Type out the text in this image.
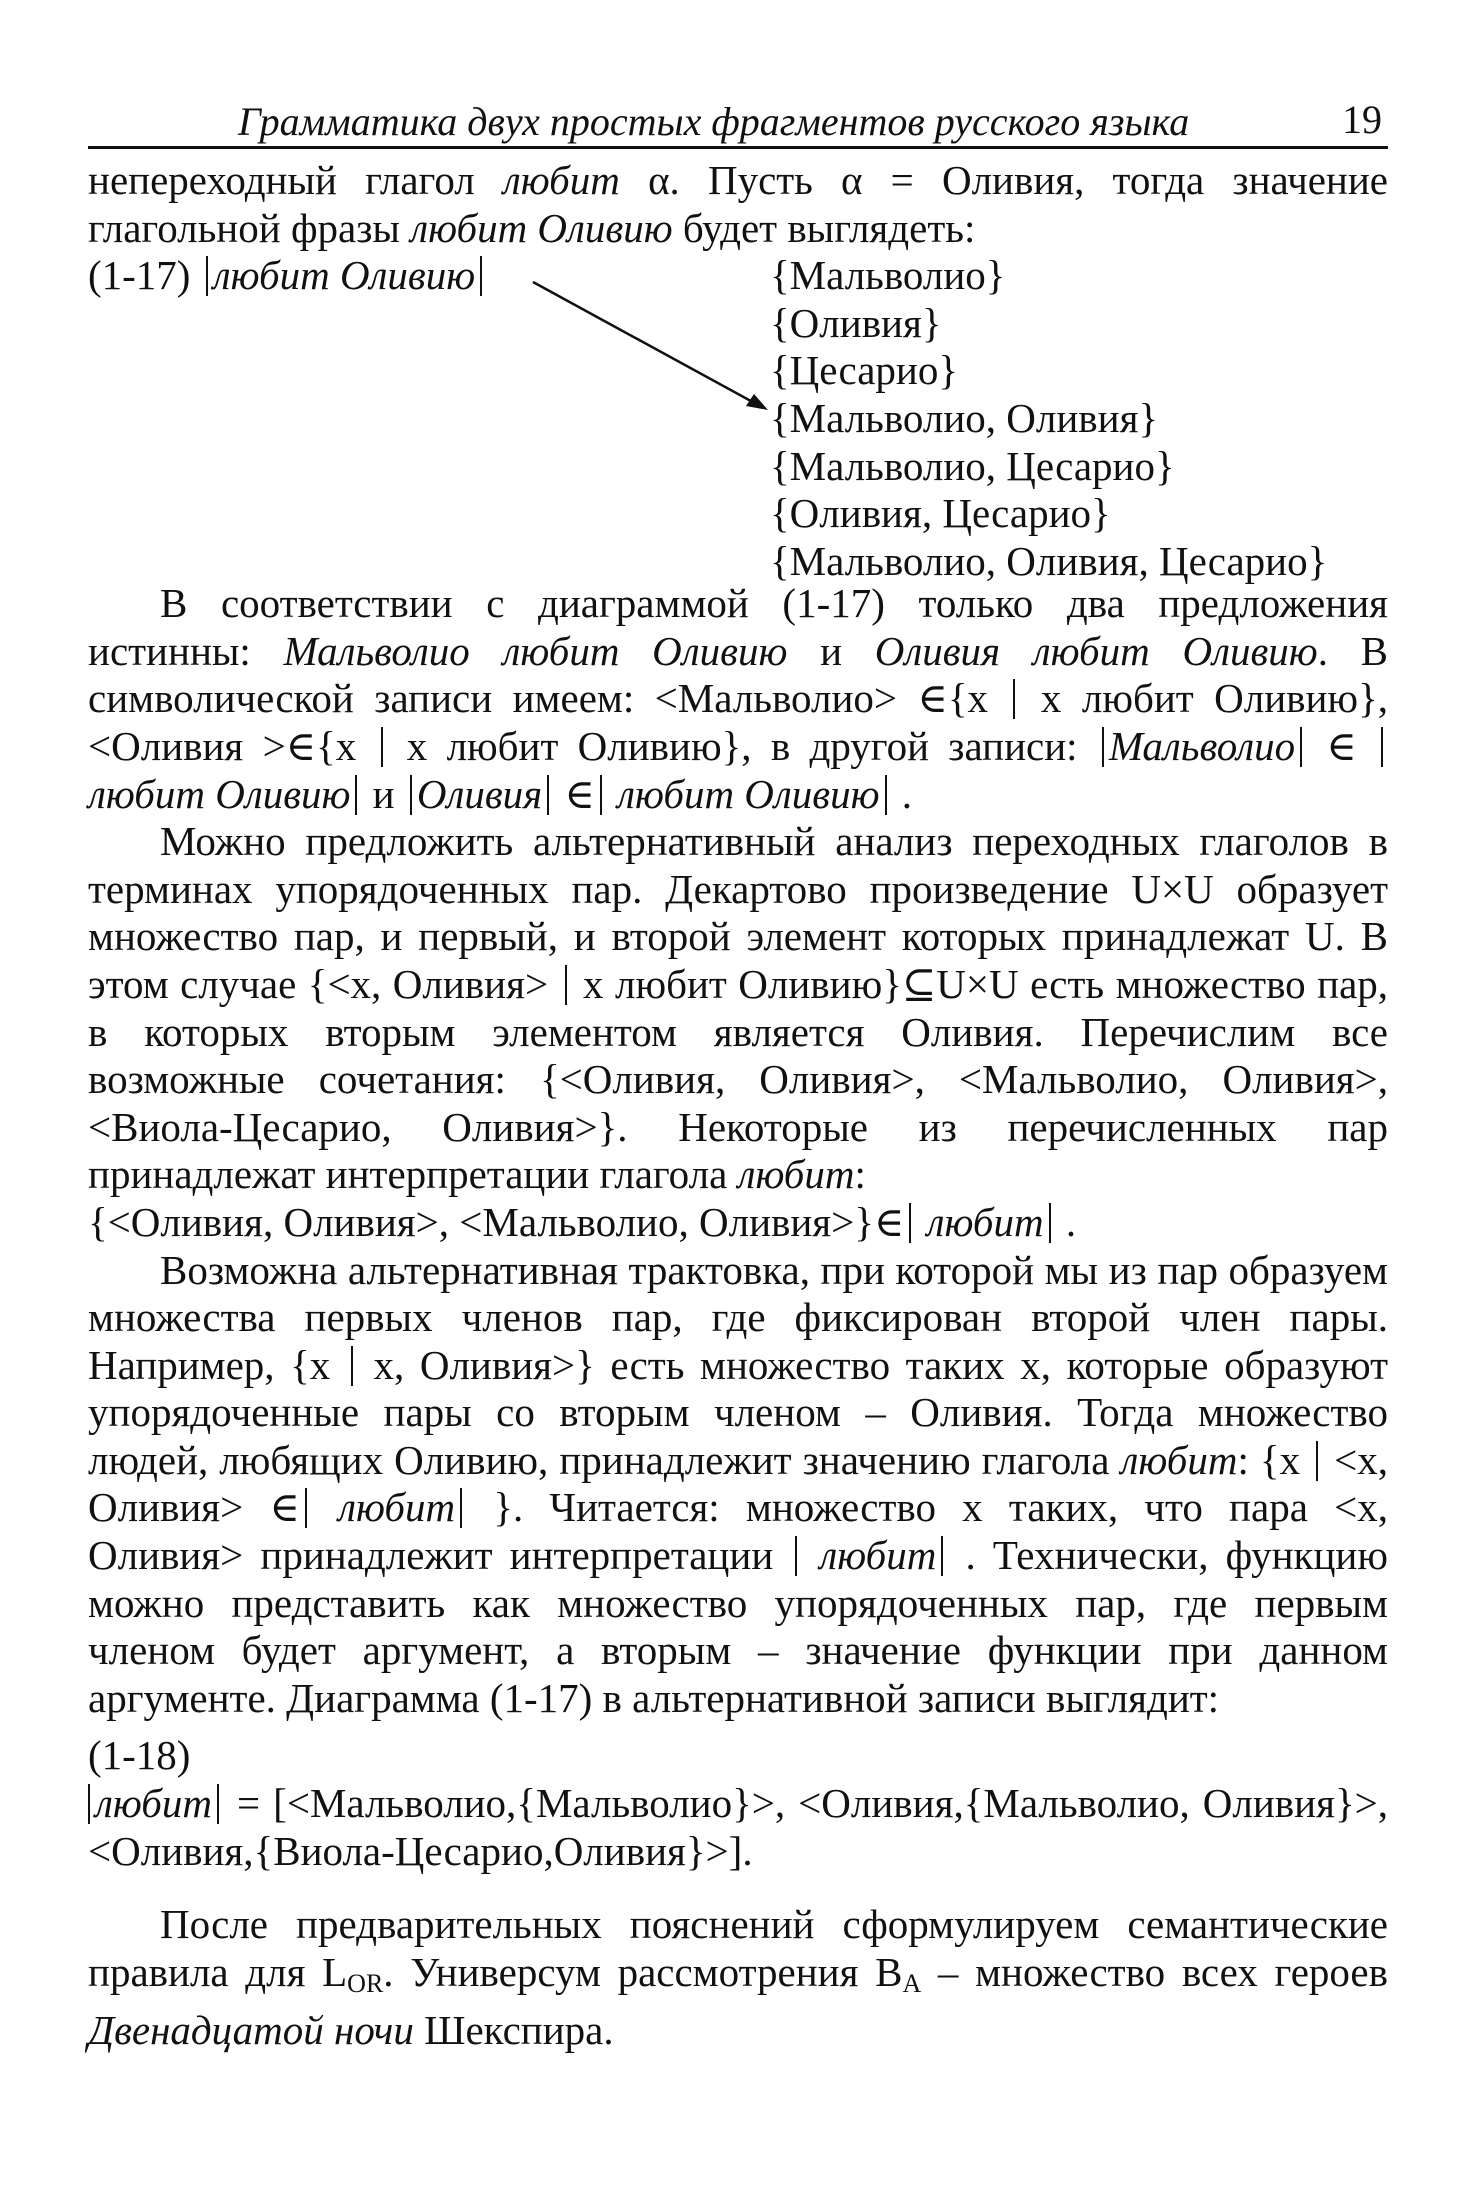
Грамматика двух простых фрагментов русского языка	19

непереходный глагол любит α. Пусть α = Оливия, тогда значение глагольной фразы любит Оливию будет выглядеть:

(1-17) любит Оливию	{Мальволио}
{Оливия}
{Цесарио}
{Мальволио, Оливия}
{Мальволио, Цесарио}
{Оливия, Цесарио}
{Мальволио, Оливия, Цесарио}

В соответствии с диаграммой (1-17) только два предложения истинны: Мальволио любит Оливию и Оливия любит Оливию. В символической записи имеем: <Мальволио> ∈{x  x любит Оливию}, <Оливия >∈{x  x любит Оливию}, в другой записи: Мальволио ∈ любит Оливию и Оливия ∈ любит Оливию .

Можно предложить альтернативный анализ переходных глаголов в терминах упорядоченных пар. Декартово произведение U×U образует множество пар, и первый, и второй элемент которых принадлежат U. В этом случае {<x, Оливия>  x любит Оливию}⊆U×U есть множество пар, в которых вторым элементом является Оливия. Перечислим все возможные сочетания: {<Оливия, Оливия>, <Мальволио, Оливия>, <Виола-Цесарио, Оливия>}. Некоторые из перечисленных пар принадлежат интерпретации глагола любит:

{<Оливия, Оливия>, <Мальволио, Оливия>}∈ любит .

Возможна альтернативная трактовка, при которой мы из пар образуем множества первых членов пар, где фиксирован второй член пары. Например, {x  x, Оливия>} есть множество таких x, которые образуют упорядоченные пары со вторым членом – Оливия. Тогда множество людей, любящих Оливию, принадлежит значению глагола любит: {x  <x, Оливия> ∈ любит }. Читается: множество x таких, что пара <x, Оливия> принадлежит интерпретации  любит . Технически, функцию можно представить как множество упорядоченных пар, где первым членом будет аргумент, а вторым – значение функции при данном аргументе. Диаграмма (1-17) в альтернативной записи выглядит:

(1-18)

любит = [<Мальволио,{Мальволио}>, <Оливия,{Мальволио, Оливия}>, <Оливия,{Виола-Цесарио,Оливия}>].

После предварительных пояснений сформулируем семантические правила для $L_{OR}$. Универсум рассмотрения $B_A$ – множество всех героев Двенадцатой ночи Шекспира.
